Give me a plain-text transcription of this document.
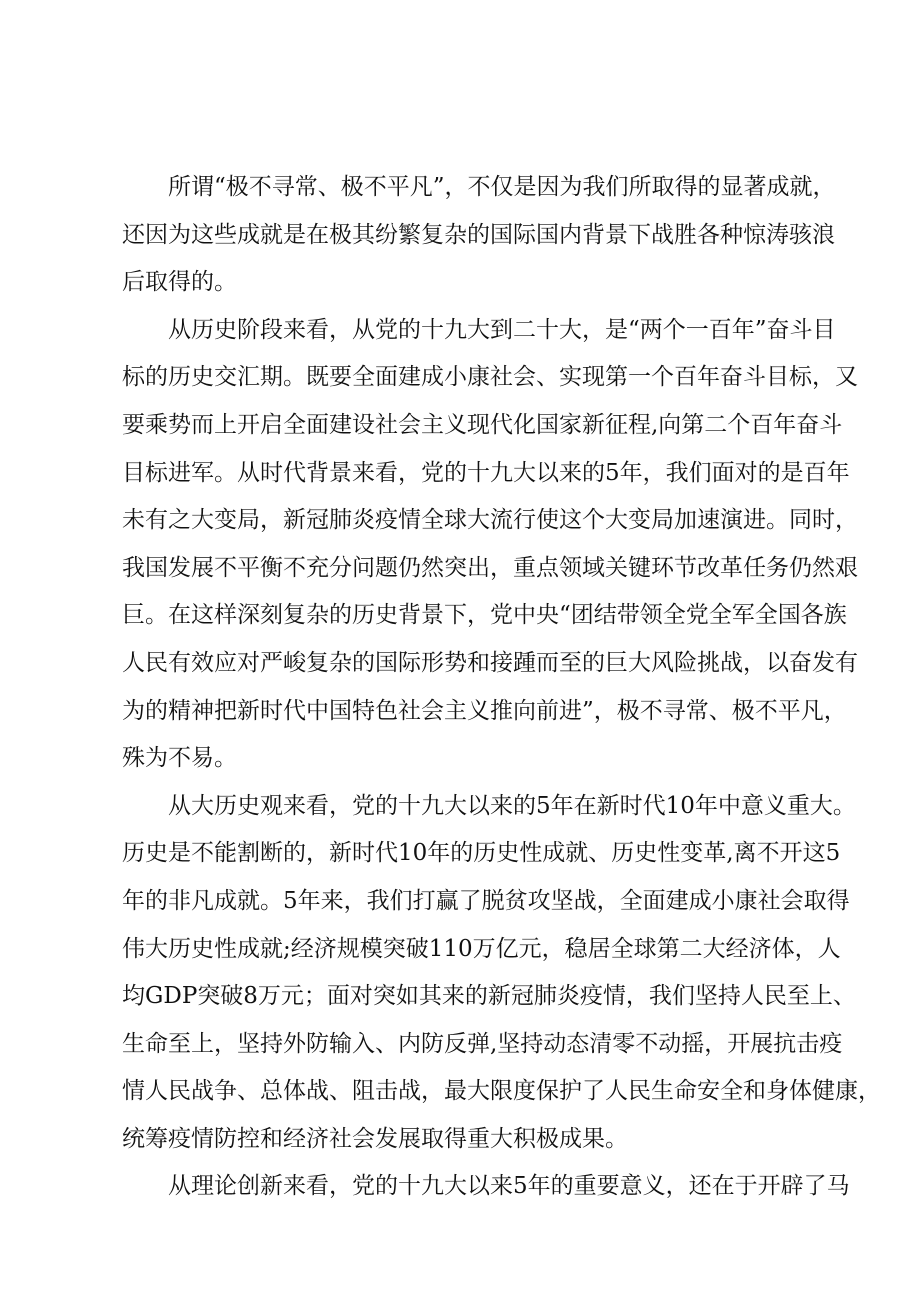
所谓“极不寻常、极不平凡”，不仅是因为我们所取得的显著成就，
还因为这些成就是在极其纷繁复杂的国际国内背景下战胜各种惊涛骇浪
后取得的。
从历史阶段来看，从党的十九大到二十大，是“两个一百年”奋斗目
标的历史交汇期。既要全面建成小康社会、实现第一个百年奋斗目标，又
要乘势而上开启全面建设社会主义现代化国家新征程,向第二个百年奋斗
目标进军。从时代背景来看，党的十九大以来的5年，我们面对的是百年
未有之大变局，新冠肺炎疫情全球大流行使这个大变局加速演进。同时，
我国发展不平衡不充分问题仍然突出，重点领域关键环节改革任务仍然艰
巨。在这样深刻复杂的历史背景下，党中央“团结带领全党全军全国各族
人民有效应对严峻复杂的国际形势和接踵而至的巨大风险挑战，以奋发有
为的精神把新时代中国特色社会主义推向前进”，极不寻常、极不平凡，
殊为不易。
从大历史观来看，党的十九大以来的5年在新时代10年中意义重大。
历史是不能割断的，新时代10年的历史性成就、历史性变革,离不开这5
年的非凡成就。5年来，我们打赢了脱贫攻坚战，全面建成小康社会取得
伟大历史性成就;经济规模突破110万亿元，稳居全球第二大经济体，人
均GDP突破8万元；面对突如其来的新冠肺炎疫情，我们坚持人民至上、
生命至上，坚持外防输入、内防反弹,坚持动态清零不动摇，开展抗击疫
情人民战争、总体战、阻击战，最大限度保护了人民生命安全和身体健康，
统筹疫情防控和经济社会发展取得重大积极成果。
从理论创新来看，党的十九大以来5年的重要意义，还在于开辟了马
